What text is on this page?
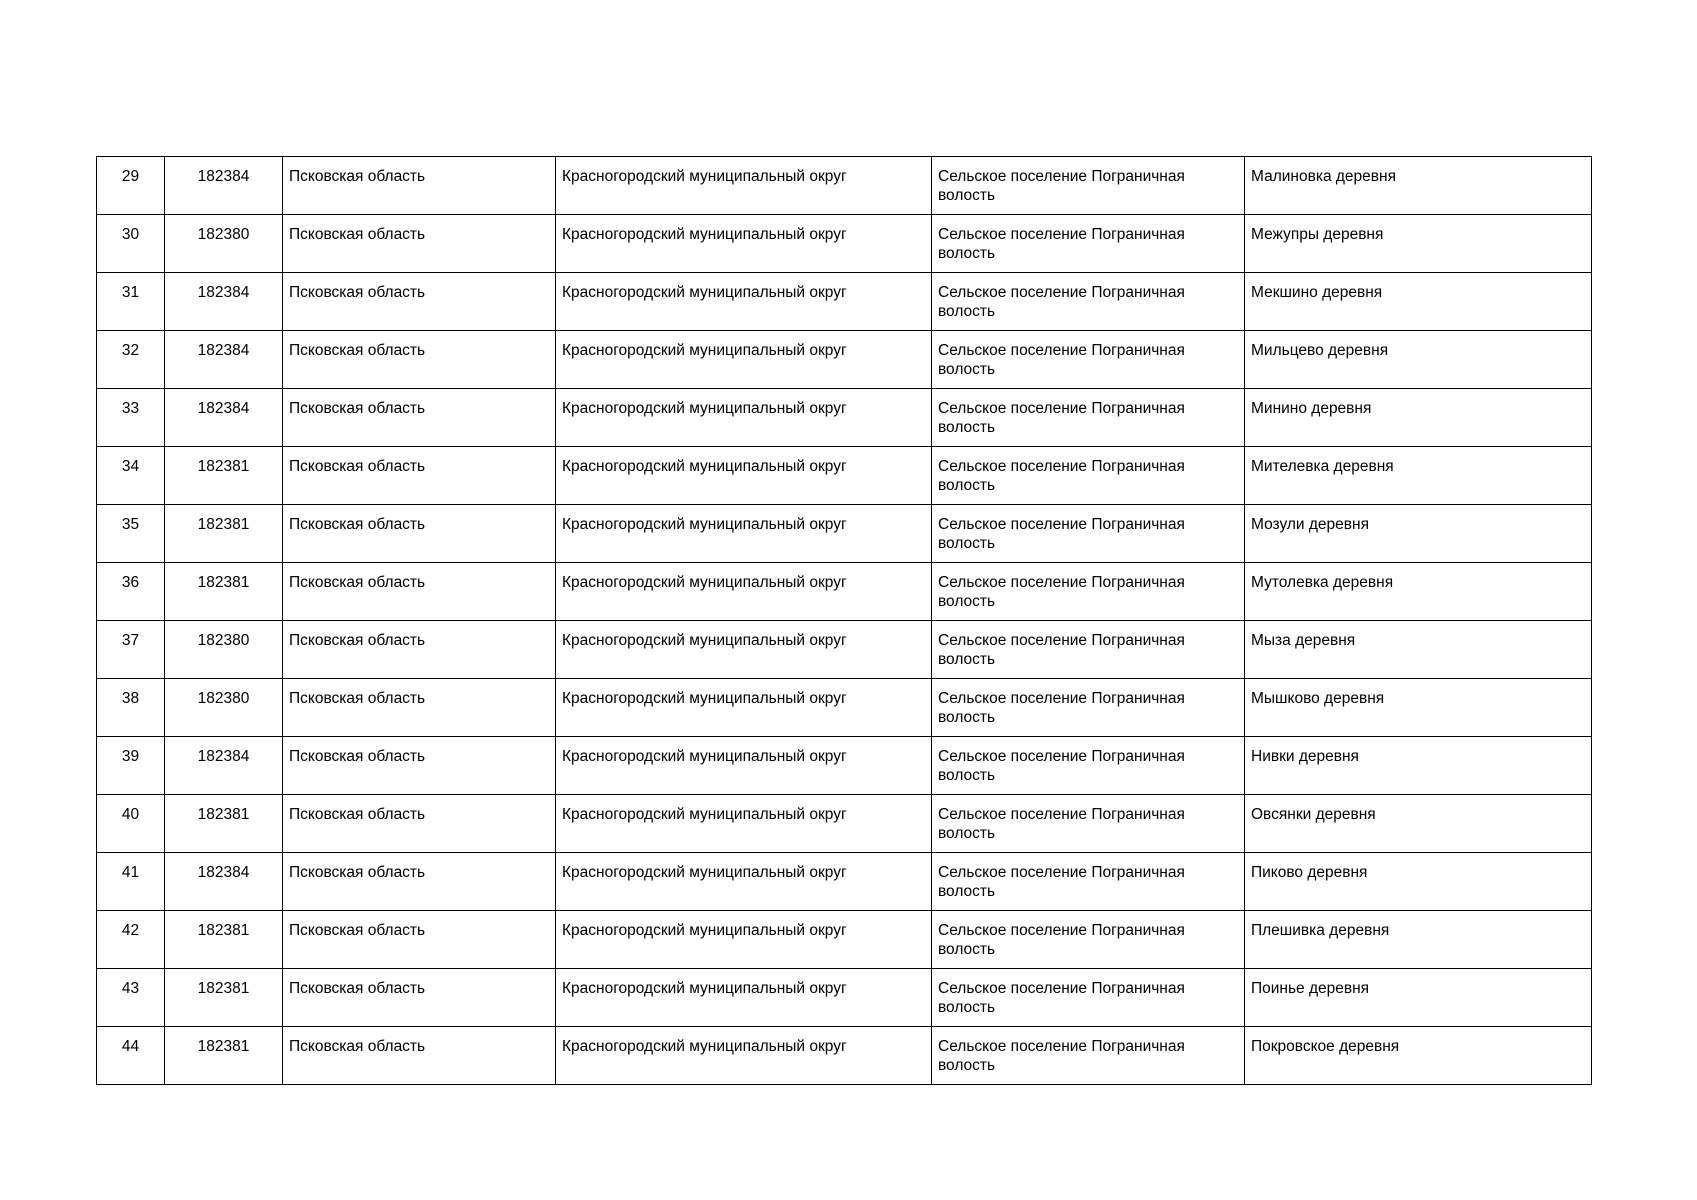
29	182384	Псковская область	Красногородский муниципальный округ	Сельское поселение Пограничная волость	Малиновка деревня
30	182380	Псковская область	Красногородский муниципальный округ	Сельское поселение Пограничная волость	Межупры деревня
31	182384	Псковская область	Красногородский муниципальный округ	Сельское поселение Пограничная волость	Мекшино деревня
32	182384	Псковская область	Красногородский муниципальный округ	Сельское поселение Пограничная волость	Мильцево деревня
33	182384	Псковская область	Красногородский муниципальный округ	Сельское поселение Пограничная волость	Минино деревня
34	182381	Псковская область	Красногородский муниципальный округ	Сельское поселение Пограничная волость	Мителевка деревня
35	182381	Псковская область	Красногородский муниципальный округ	Сельское поселение Пограничная волость	Мозули деревня
36	182381	Псковская область	Красногородский муниципальный округ	Сельское поселение Пограничная волость	Мутолевка деревня
37	182380	Псковская область	Красногородский муниципальный округ	Сельское поселение Пограничная волость	Мыза деревня
38	182380	Псковская область	Красногородский муниципальный округ	Сельское поселение Пограничная волость	Мышково деревня
39	182384	Псковская область	Красногородский муниципальный округ	Сельское поселение Пограничная волость	Нивки деревня
40	182381	Псковская область	Красногородский муниципальный округ	Сельское поселение Пограничная волость	Овсянки деревня
41	182384	Псковская область	Красногородский муниципальный округ	Сельское поселение Пограничная волость	Пиково деревня
42	182381	Псковская область	Красногородский муниципальный округ	Сельское поселение Пограничная волость	Плешивка деревня
43	182381	Псковская область	Красногородский муниципальный округ	Сельское поселение Пограничная волость	Поинье деревня
44	182381	Псковская область	Красногородский муниципальный округ	Сельское поселение Пограничная волость	Покровское деревня
